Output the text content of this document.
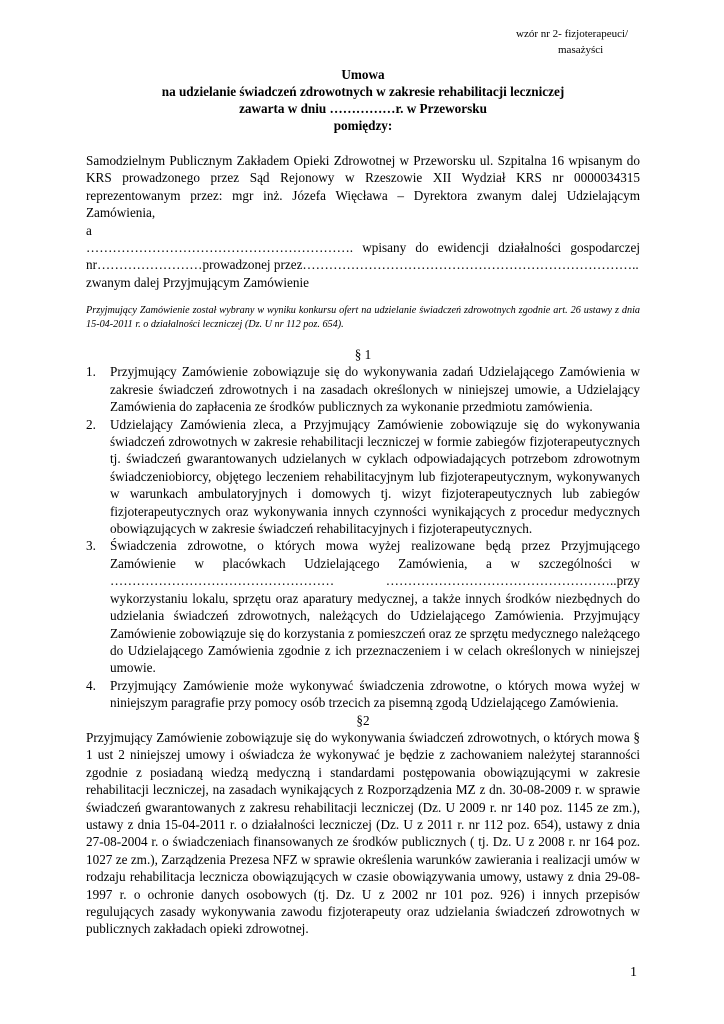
wzór nr 2- fizjoterapeuci/

masażyści
Umowa
na udzielanie świadczeń zdrowotnych w zakresie rehabilitacji leczniczej
zawarta w dniu ……………r. w Przeworsku
pomiędzy:
Samodzielnym Publicznym Zakładem Opieki Zdrowotnej w Przeworsku ul. Szpitalna 16 wpisanym do KRS prowadzonego przez Sąd Rejonowy w Rzeszowie XII Wydział KRS nr 0000034315 reprezentowanym przez: mgr inż. Józefa Więcława – Dyrektora zwanym dalej Udzielającym Zamówienia,
a
……………………………………………………. wpisany do ewidencji działalności gospodarczej
nr……………………prowadzonej przez…………………………………………………………………..
zwanym dalej Przyjmującym Zamówienie
Przyjmujący Zamówienie został wybrany w wyniku konkursu ofert na udzielanie świadczeń zdrowotnych zgodnie art. 26 ustawy z dnia 15-04-2011 r. o działalności leczniczej (Dz. U nr 112 poz. 654).
§ 1
1. Przyjmujący Zamówienie zobowiązuje się do wykonywania zadań Udzielającego Zamówienia w zakresie świadczeń zdrowotnych i na zasadach określonych w niniejszej umowie, a Udzielający Zamówienia do zapłacenia ze środków publicznych za wykonanie przedmiotu zamówienia.
2. Udzielający Zamówienia zleca, a Przyjmujący Zamówienie zobowiązuje się do wykonywania świadczeń zdrowotnych w zakresie rehabilitacji leczniczej w formie zabiegów fizjoterapeutycznych tj. świadczeń gwarantowanych udzielanych w cyklach odpowiadających potrzebom zdrowotnym świadczeniobiorcy, objętego leczeniem rehabilitacyjnym lub fizjoterapeutycznym, wykonywanych w warunkach ambulatoryjnych i domowych tj. wizyt fizjoterapeutycznych lub zabiegów fizjoterapeutycznych oraz wykonywania innych czynności wynikających z procedur medycznych obowiązujących w zakresie świadczeń rehabilitacyjnych i fizjoterapeutycznych.
3. Świadczenia zdrowotne, o których mowa wyżej realizowane będą przez Przyjmującego Zamówienie w placówkach Udzielającego Zamówienia, a w szczególności w …………………………………………… ……………………………………………..przy wykorzystaniu lokalu, sprzętu oraz aparatury medycznej, a także innych środków niezbędnych do udzielania świadczeń zdrowotnych, należących do Udzielającego Zamówienia. Przyjmujący Zamówienie zobowiązuje się do korzystania z pomieszczeń oraz ze sprzętu medycznego należącego do Udzielającego Zamówienia zgodnie z ich przeznaczeniem i w celach określonych w niniejszej umowie.
4. Przyjmujący Zamówienie może wykonywać świadczenia zdrowotne, o których mowa wyżej w niniejszym paragrafie przy pomocy osób trzecich za pisemną zgodą Udzielającego Zamówienia.
§2
Przyjmujący Zamówienie zobowiązuje się do wykonywania świadczeń zdrowotnych, o których mowa § 1 ust 2 niniejszej umowy i oświadcza że wykonywać je będzie z zachowaniem należytej staranności zgodnie z posiadaną wiedzą medyczną i standardami postępowania obowiązującymi w zakresie rehabilitacji leczniczej, na zasadach wynikających z Rozporządzenia MZ z dn. 30-08-2009 r. w sprawie świadczeń gwarantowanych z zakresu rehabilitacji leczniczej (Dz. U 2009 r. nr 140 poz. 1145 ze zm.), ustawy z dnia 15-04-2011 r. o działalności leczniczej (Dz. U z 2011 r. nr 112 poz. 654), ustawy z dnia 27-08-2004 r. o świadczeniach finansowanych ze środków publicznych ( tj. Dz. U z 2008 r. nr 164 poz. 1027 ze zm.), Zarządzenia Prezesa NFZ w sprawie określenia warunków zawierania i realizacji umów w rodzaju rehabilitacja lecznicza obowiązujących w czasie obowiązywania umowy, ustawy z dnia 29-08-1997 r. o ochronie danych osobowych (tj. Dz. U z 2002 nr 101 poz. 926) i innych przepisów regulujących zasady wykonywania zawodu fizjoterapeuty oraz udzielania świadczeń zdrowotnych w publicznych zakładach opieki zdrowotnej.
1
